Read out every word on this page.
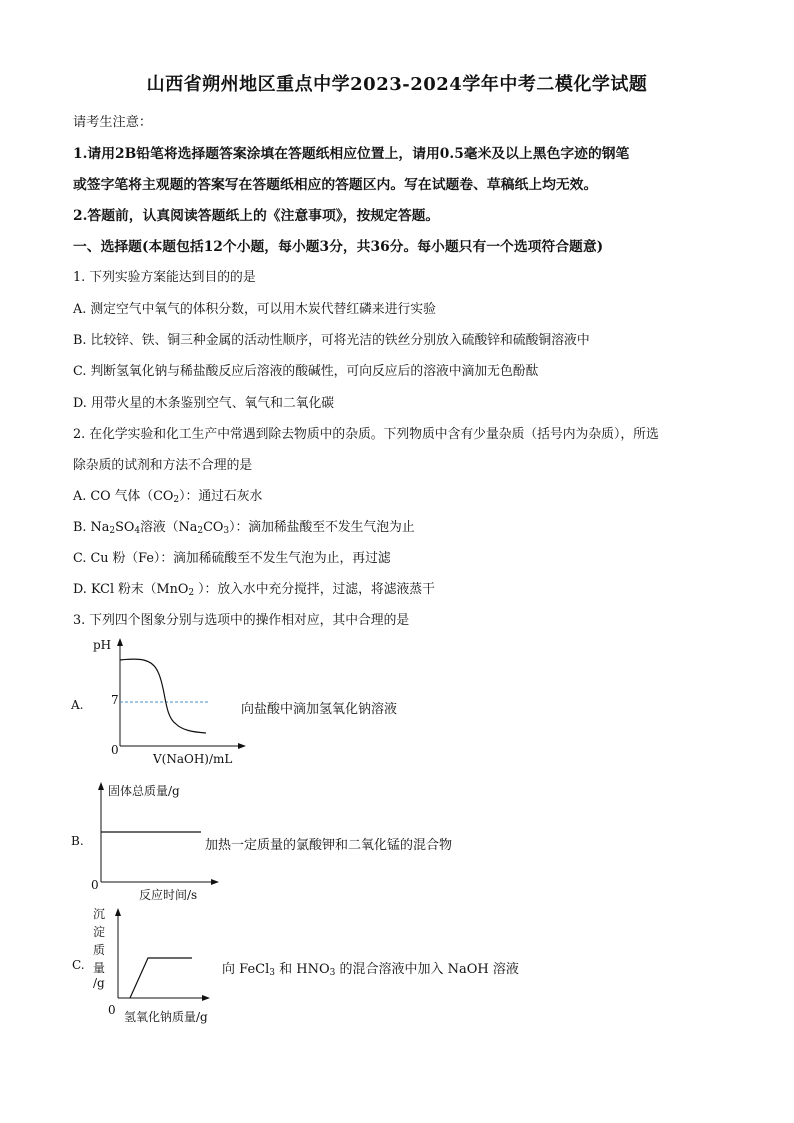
山西省朔州地区重点中学2023-2024学年中考二模化学试题
请考生注意：
1.请用2B铅笔将选择题答案涂填在答题纸相应位置上，请用0.5毫米及以上黑色字迹的钢笔
或签字笔将主观题的答案写在答题纸相应的答题区内。写在试题卷、草稿纸上均无效。
2.答题前，认真阅读答题纸上的《注意事项》，按规定答题。
一、选择题(本题包括12个小题，每小题3分，共36分。每小题只有一个选项符合题意)
1. 下列实验方案能达到目的的是
A. 测定空气中氧气的体积分数，可以用木炭代替红磷来进行实验
B. 比较锌、铁、铜三种金属的活动性顺序，可将光洁的铁丝分别放入硫酸锌和硫酸铜溶液中
C. 判断氢氧化钠与稀盐酸反应后溶液的酸碱性，可向反应后的溶液中滴加无色酚酞
D. 用带火星的木条鉴别空气、氧气和二氧化碳
2. 在化学实验和化工生产中常遇到除去物质中的杂质。下列物质中含有少量杂质（括号内为杂质），所选
除杂质的试剂和方法不合理的是
A. CO 气体$(CO_2)$：通过石灰水
B. $Na_2SO_4$溶液$(Na_2CO_3)$：滴加稀盐酸至不发生气泡为止
C. Cu 粉（Fe）：滴加稀硫酸至不发生气泡为止，再过滤
D. KCl 粉末（MnO$_2$ ）：放入水中充分搅拌，过滤，将滤液蒸干
3. 下列四个图象分别与选项中的操作相对应，其中合理的是
A.
pH
7
0
V(NaOH)/mL
向盐酸中滴加氢氧化钠溶液
B.
固体总质量/g
0
反应时间/s
加热一定质量的氯酸钾和二氧化锰的混合物
C.
沉
淀
质
量
/g
0 氢氧化钠质量/g
向 FeCl$_3$ 和 $HNO_3$ 的混合溶液中加入 NaOH 溶液
